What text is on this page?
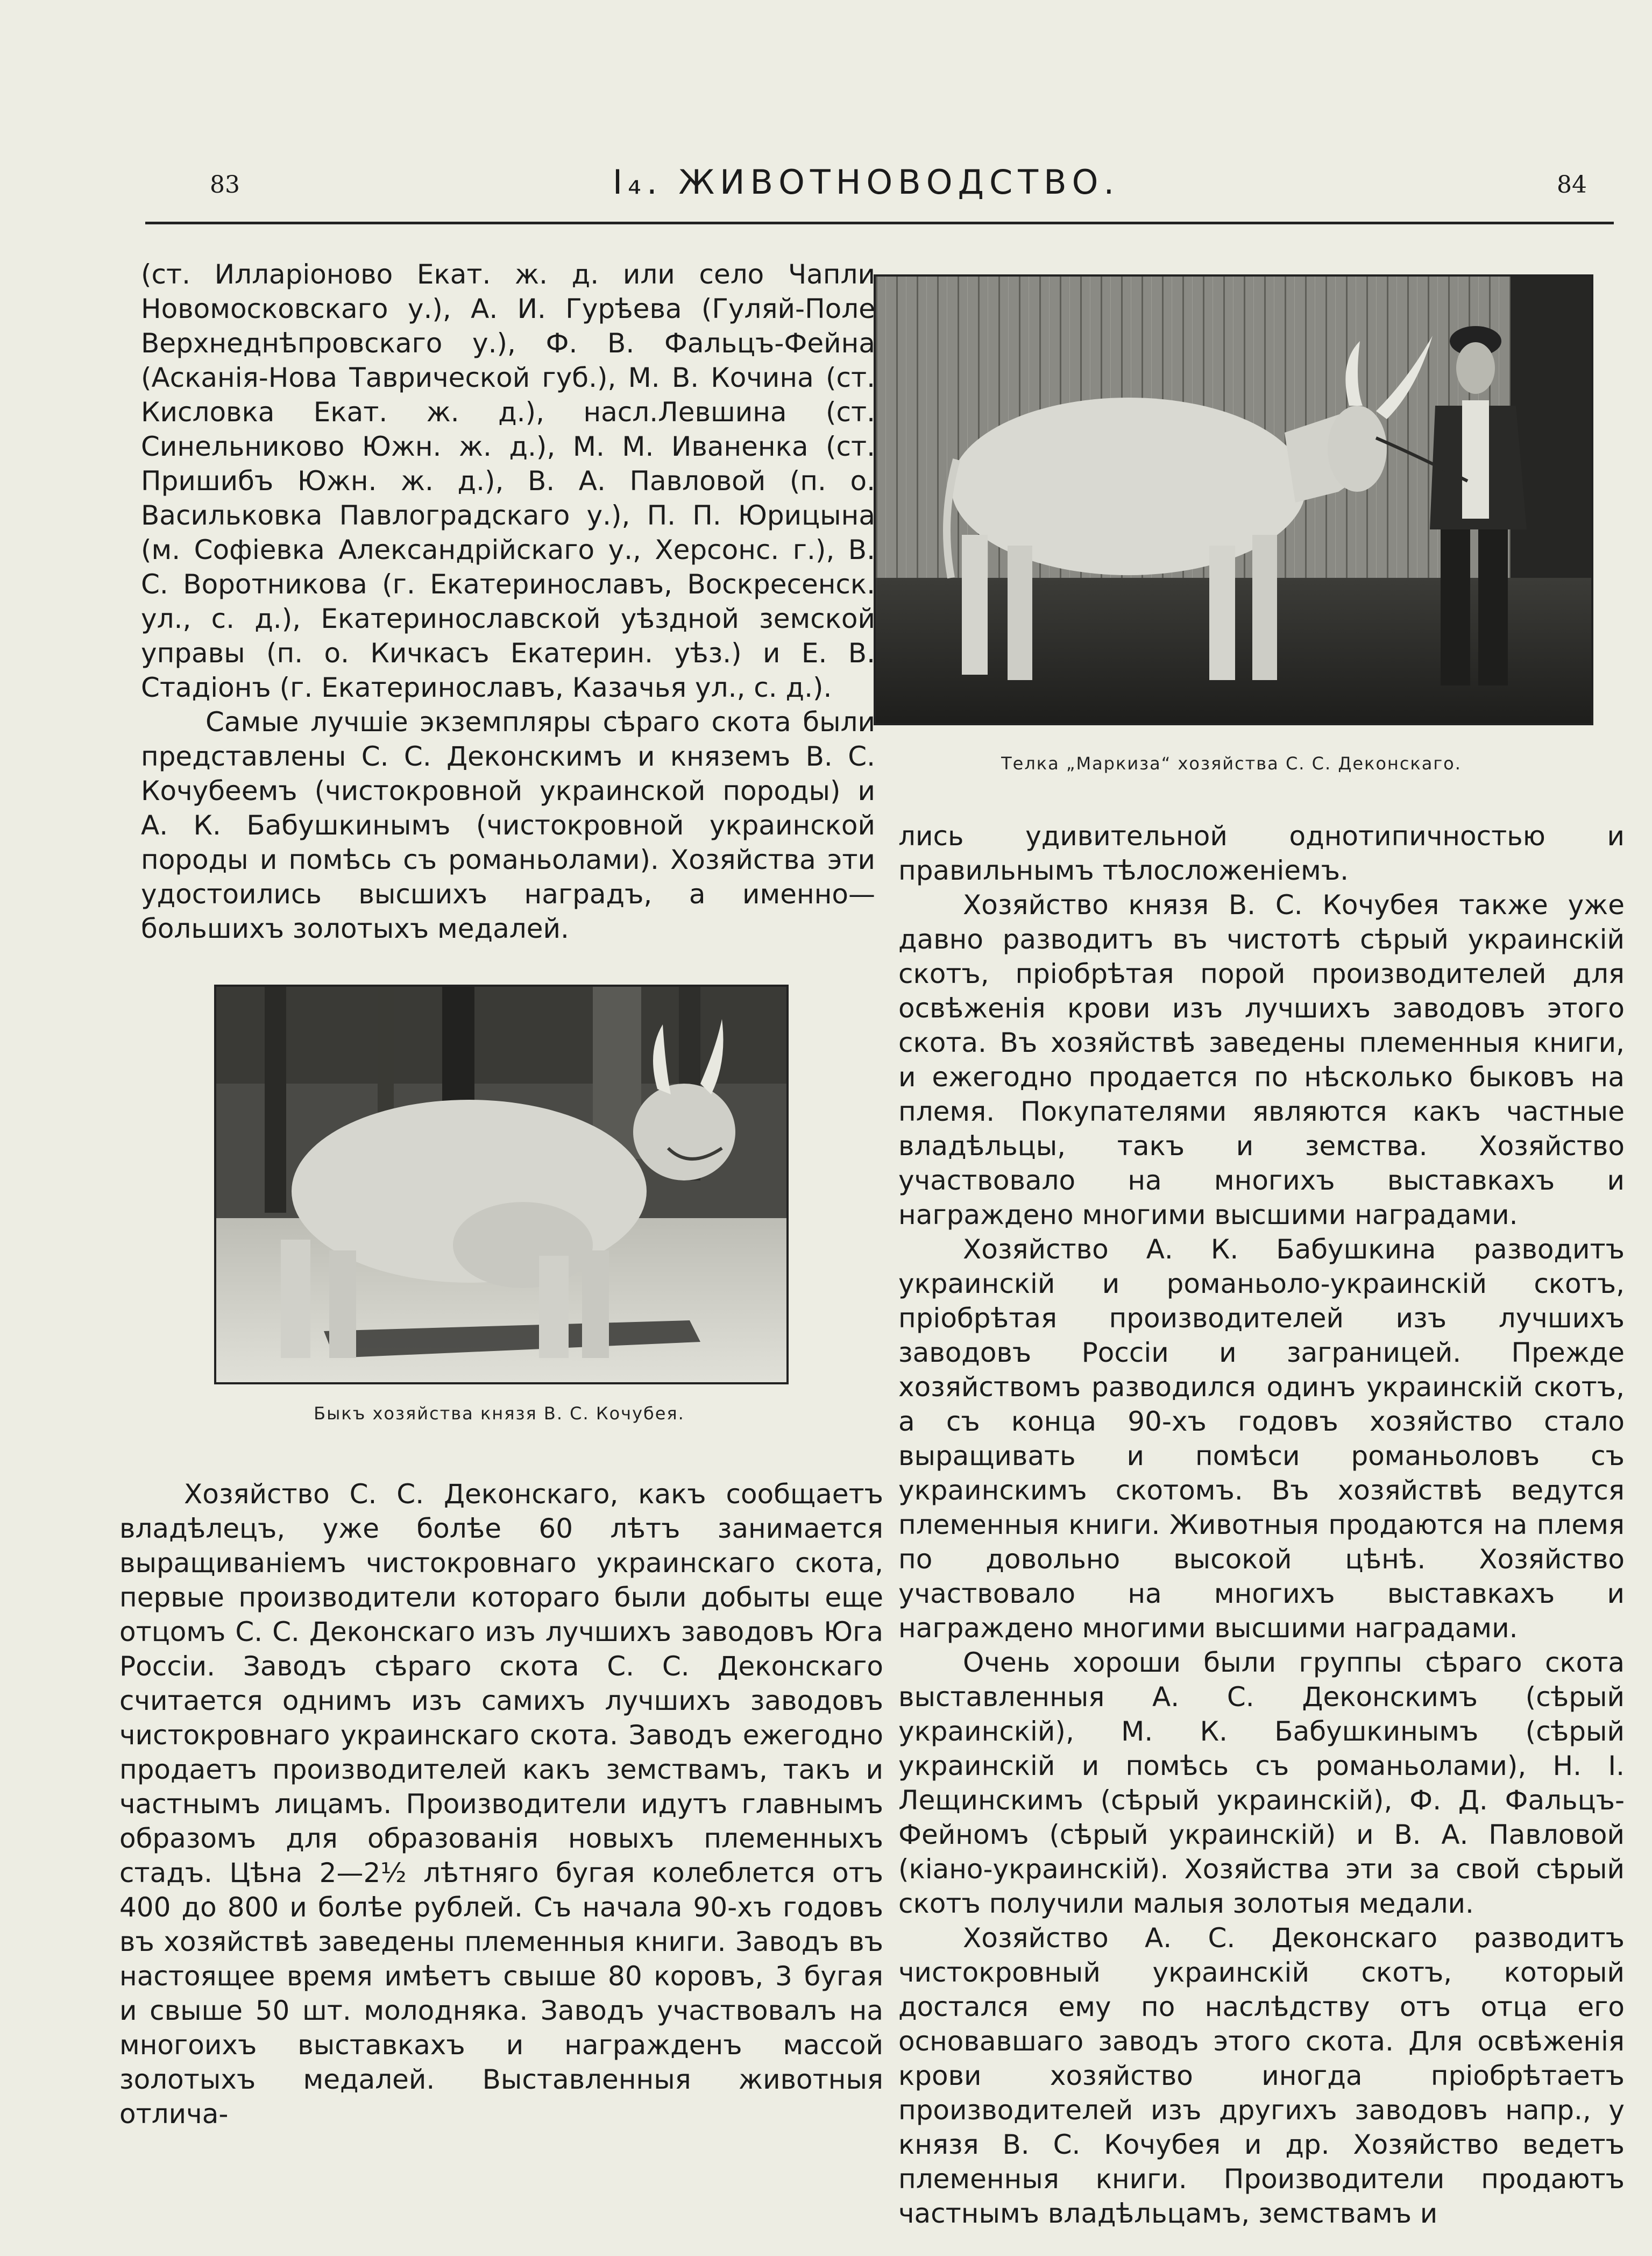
83	I₄. ЖИВОТНОВОДСТВО.	84

(ст. Илларіоново Екат. ж. д. или село Чапли Новомосковскаго у.), А. И. Гурѣева (Гуляй-Поле Верхнеднѣпровскаго у.), Ф. В. Фальцъ-Фейна (Асканія-Нова Таврической губ.), М. В. Кочина (ст. Кисловка Екат. ж. д.), насл.Левшина (ст. Синельниково Южн. ж. д.), М. М. Иваненка (ст. Пришибъ Южн. ж. д.), В. А. Павловой (п. о. Васильковка Павлоградскаго у.), П. П. Юрицына (м. Софіевка Александрійскаго у., Херсонс. г.), В. С. Воротникова (г. Екатеринославъ, Воскресенск. ул., с. д.), Екатеринославской уѣздной земской управы (п. о. Кичкасъ Екатерин. уѣз.) и Е. В. Стадіонъ (г. Екатеринославъ, Казачья ул., с. д.).

Самые лучшіе экземпляры сѣраго скота были представлены С. С. Деконскимъ и княземъ В. С. Кочубеемъ (чистокровной украинской породы) и А. К. Бабушкинымъ (чистокровной украинской породы и помѣсь съ романьолами). Хозяйства эти удостоились высшихъ наградъ, а именно—большихъ золотыхъ медалей.

Телка „Маркиза“ хозяйства С. С. Деконскаго.
Быкъ хозяйства князя В. С. Кочубея.

Хозяйство С. С. Деконскаго, какъ сообщаетъ владѣлецъ, уже болѣе 60 лѣтъ занимается выращиваніемъ чистокровнаго украинскаго скота, первые производители котораго были добыты еще отцомъ С. С. Деконскаго изъ лучшихъ заводовъ Юга Россіи. Заводъ сѣраго скота С. С. Деконскаго считается однимъ изъ самихъ лучшихъ заводовъ чистокровнаго украинскаго скота. Заводъ ежегодно продаетъ производителей какъ земствамъ, такъ и частнымъ лицамъ. Производители идутъ главнымъ образомъ для образованія новыхъ племенныхъ стадъ. Цѣна 2—2½ лѣтняго бугая колеблется отъ 400 до 800 и болѣе рублей. Съ начала 90-хъ годовъ въ хозяйствѣ заведены племенныя книги. Заводъ въ настоящее время имѣетъ свыше 80 коровъ, 3 бугая и свыше 50 шт. молодняка. Заводъ участвовалъ на многоихъ выставкахъ и награжденъ массой золотыхъ медалей. Выставленныя животныя отлича-

лись удивительной однотипичностью и правильнымъ тѣлосложеніемъ.

Хозяйство князя В. С. Кочубея также уже давно разводитъ въ чистотѣ сѣрый украинскій скотъ, пріобрѣтая порой производителей для освѣженія крови изъ лучшихъ заводовъ этого скота. Въ хозяйствѣ заведены племенныя книги, и ежегодно продается по нѣсколько быковъ на племя. Покупателями являются какъ частные владѣльцы, такъ и земства. Хозяйство участвовало на многихъ выставкахъ и награждено многими высшими наградами.

Хозяйство А. К. Бабушкина разводитъ украинскій и романьоло-украинскій скотъ, пріобрѣтая производителей изъ лучшихъ заводовъ Россіи и заграницей. Прежде хозяйствомъ разводился одинъ украинскій скотъ, а съ конца 90-хъ годовъ хозяйство стало выращивать и помѣси романьоловъ съ украинскимъ скотомъ. Въ хозяйствѣ ведутся племенныя книги. Животныя продаются на племя по довольно высокой цѣнѣ. Хозяйство участвовало на многихъ выставкахъ и награждено многими высшими наградами.

Очень хороши были группы сѣраго скота выставленныя А. С. Деконскимъ (сѣрый украинскій), М. К. Бабушкинымъ (сѣрый украинскій и помѣсь съ романьолами), Н. І. Лещинскимъ (сѣрый украинскій), Ф. Д. Фальцъ-Фейномъ (сѣрый украинскій) и В. А. Павловой (кіано-украинскій). Хозяйства эти за свой сѣрый скотъ получили малыя золотыя медали.

Хозяйство А. С. Деконскаго разводитъ чистокровный украинскій скотъ, который достался ему по наслѣдству отъ отца его основавшаго заводъ этого скота. Для освѣженія крови хозяйство иногда пріобрѣтаетъ производителей изъ другихъ заводовъ напр., у князя В. С. Кочубея и др. Хозяйство ведетъ племенныя книги. Производители продаютъ частнымъ владѣльцамъ, земствамъ и
